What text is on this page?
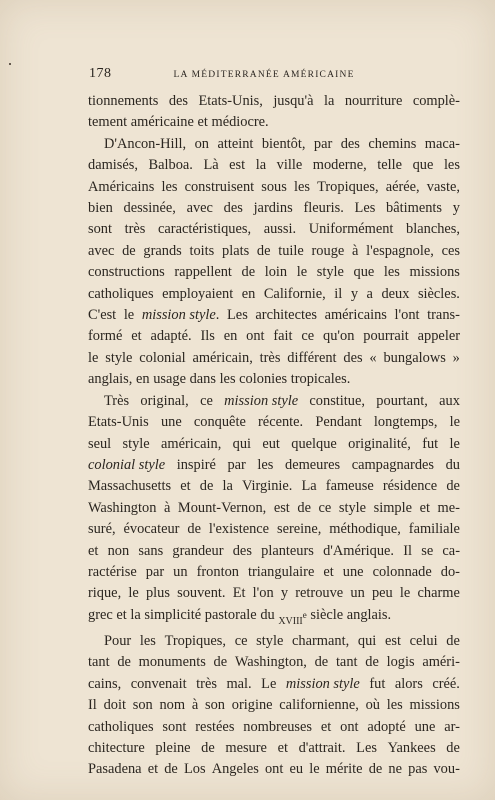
178	LA MÉDITERRANÉE AMÉRICAINE
tionnements des Etats-Unis, jusqu'à la nourriture complè-
tement américaine et médiocre.
D'Ancon-Hill, on atteint bientôt, par des chemins maca-
damisés, Balboa. Là est la ville moderne, telle que les
Américains les construisent sous les Tropiques, aérée, vaste,
bien dessinée, avec des jardins fleuris. Les bâtiments y
sont très caractéristiques, aussi. Uniformément blanches,
avec de grands toits plats de tuile rouge à l'espagnole, ces
constructions rappellent de loin le style que les missions
catholiques employaient en Californie, il y a deux siècles.
C'est le mission style. Les architectes américains l'ont trans-
formé et adapté. Ils en ont fait ce qu'on pourrait appeler
le style colonial américain, très différent des « bungalows »
anglais, en usage dans les colonies tropicales.
Très original, ce mission style constitue, pourtant, aux
Etats-Unis une conquête récente. Pendant longtemps, le
seul style américain, qui eut quelque originalité, fut le
colonial style inspiré par les demeures campagnardes du
Massachusetts et de la Virginie. La fameuse résidence de
Washington à Mount-Vernon, est de ce style simple et me-
suré, évocateur de l'existence sereine, méthodique, familiale
et non sans grandeur des planteurs d'Amérique. Il se ca-
ractérise par un fronton triangulaire et une colonnade do-
rique, le plus souvent. Et l'on y retrouve un peu le charme
grec et la simplicité pastorale du xviii$^e$ siècle anglais.
Pour les Tropiques, ce style charmant, qui est celui de
tant de monuments de Washington, de tant de logis améri-
cains, convenait très mal. Le mission style fut alors créé.
Il doit son nom à son origine californienne, où les missions
catholiques sont restées nombreuses et ont adopté une ar-
chitecture pleine de mesure et d'attrait. Les Yankees de
Pasadena et de Los Angeles ont eu le mérite de ne pas vou-
